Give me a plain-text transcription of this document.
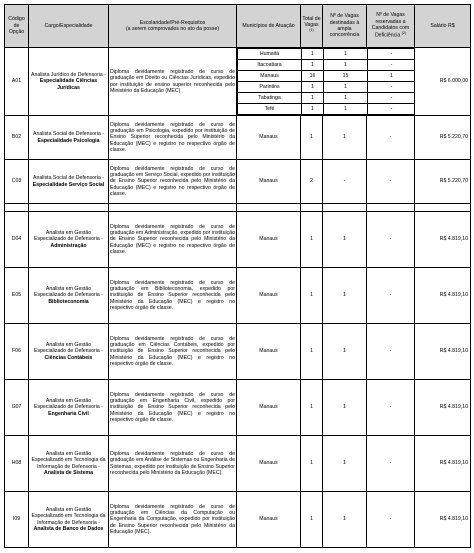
Código de Opção	Cargo/Especialidade	
Escolaridade/Pré-Requisitos
(a serem comprovados no ato da posse)
	Municípios de Atuação	Total de Vagas $^{(1)}$	Nº de Vagas destinadas à ampla concorrência	Nº de Vagas reservadas a Candidatos com Deficiência $^{(2)}$	Salário R$
A01	Analista Jurídico de Defensoria - Especialidade Ciências Jurídicas	Diploma devidamente registrado de curso de graduação em Direito ou Ciências Jurídicas, expedido por instituição de ensino superior reconhecida pelo Ministério da Educação (MEC)	
Humaitá	1	1	-
Itacoatiara	1	1	-
Manaus	16	15	1
Parintins	1	1	-
Tabatinga	1	1	-
Tefé	1	1	-
	R$ 6.000,00
B02	Analista Social de Defensoria - Especialidade Psicologia	Diploma devidamente registrado de curso de graduação em Psicologia, expedido por instituição de Ensino Superior reconhecida pelo Ministério da Educação (MEC) e registro no respectivo órgão de classe.	Manaus	1	1	-	R$ 5.220,70
C03	Analista Social de Defensoria - Especialidade Serviço Social	Diploma devidamente registrado de curso de graduação em Serviço Social, expedido por instituição de Ensino Superior reconhecida pelo Ministério da Educação (MEC) e registro no respectivo órgão de classe.	Manaus	2	-	-	R$ 5.220,70

D04	Analista em Gestão Especializado de Defensoria - Administração	Diploma devidamente registrado de curso de graduação em Administração, expedido por instituição de Ensino Superior reconhecida pelo Ministério da Educação (MEC) e registro no respectivo órgão de classe.	Manaus	1	1	-	R$ 4.819,10
E05	Analista em Gestão Especializado de Defensoria - Biblioteconomia	Diploma devidamente registrado de curso de graduação em Biblioteconomia, expedido por instituição de Ensino Superior reconhecida pelo Ministério da Educação (MEC) e registro no respectivo órgão de classe.	Manaus	1	1	-	R$ 4.819,10
F06	Analista em Gestão Especializado de Defensoria - Ciências Contábeis	Diploma devidamente registrado de curso de graduação em Ciências Contábeis, expedido por instituição de Ensino Superior reconhecida pelo Ministério da Educação (MEC) e registro no respectivo órgão de classe.	Manaus	1	1	-	R$ 4.819,10
G07	Analista em Gestão Especializado de Defensoria - Engenharia Civil	Diploma devidamente registrado de curso de graduação em Engenharia Civil, expedido por instituição de Ensino Superior reconhecida pelo Ministério da Educação (MEC) e registro no respectivo órgão de classe.	Manaus	1	1	-	R$ 4.819,10
H08	Analista em Gestão Especializado em Tecnologia da Informação de Defensoria - Analista de Sistema	Diploma devidamente registrado de curso de graduação em Análise de Sistemas ou Engenharia de Sistemas, expedido por instituição de Ensino Superior reconhecida pelo Ministério da Educação (MEC).	Manaus	1	1	-	R$ 4.819,10
I09	Analista em Gestão Especializado em Tecnologia da Informação de Defensoria - Analista de Banco de Dados	Diploma devidamente registrado de curso de graduação em Ciências da Computação ou Engenharia da Computação, expedido por instituição de Ensino Superior reconhecida pelo Ministério da Educação (MEC).	Manaus	1	1	-	R$ 4.819,10
